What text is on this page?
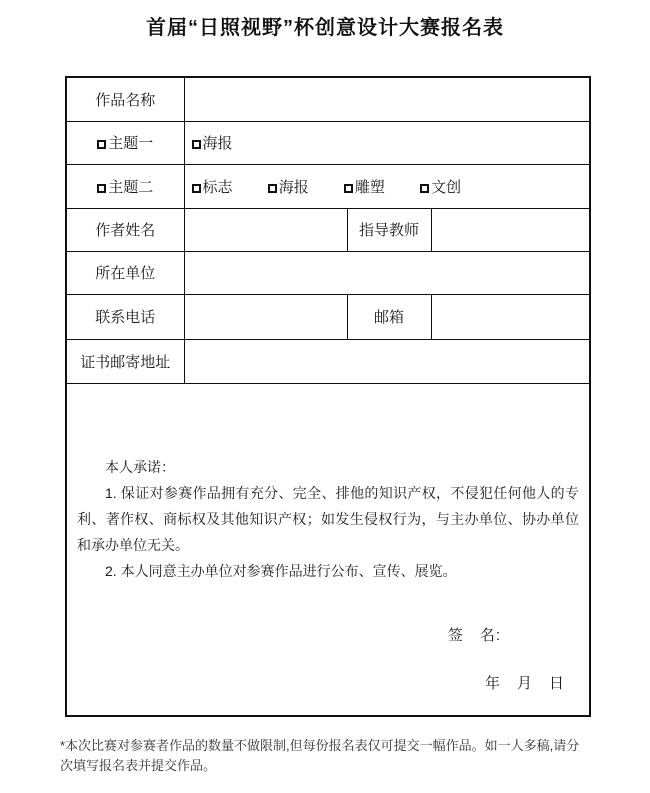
首届“日照视野”杯创意设计大赛报名表
作品名称			
主题一	海报		
主题二	标志 海报 雕塑 文创		
作者姓名		指导教师	
所在单位			
联系电话		邮箱	
证书邮寄地址			

本人承诺：

1. 保证对参赛作品拥有充分、完全、排他的知识产权，不侵犯任何他人的专利、著作权、商标权及其他知识产权；如发生侵权行为，与主办单位、协办单位和承办单位无关。

2. 本人同意主办单位对参赛作品进行公布、宣传、展览。

签　名:
年　月　日			
*本次比赛对参赛者作品的数量不做限制,但每份报名表仅可提交一幅作品。如一人多稿,请分次填写报名表并提交作品。
